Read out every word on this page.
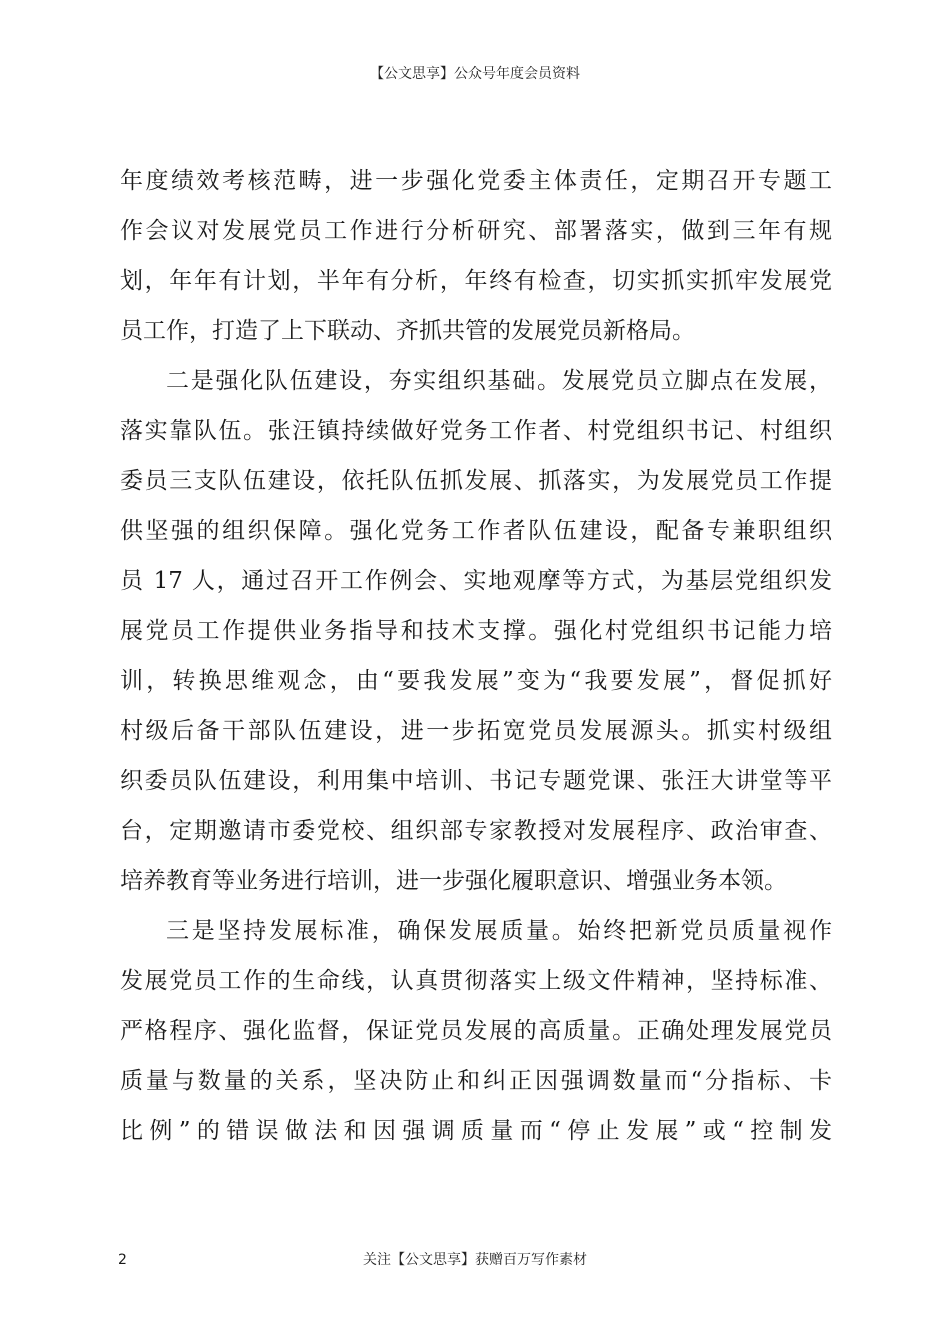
【公文思享】公众号年度会员资料
年度绩效考核范畴，进一步强化党委主体责任，定期召开专题工
作会议对发展党员工作进行分析研究、部署落实，做到三年有规
划，年年有计划，半年有分析，年终有检查，切实抓实抓牢发展党
员工作，打造了上下联动、齐抓共管的发展党员新格局。
二是强化队伍建设，夯实组织基础。发展党员立脚点在发展，
落实靠队伍。张汪镇持续做好党务工作者、村党组织书记、村组织
委员三支队伍建设，依托队伍抓发展、抓落实，为发展党员工作提
供坚强的组织保障。强化党务工作者队伍建设，配备专兼职组织
员 17 人，通过召开工作例会、实地观摩等方式，为基层党组织发
展党员工作提供业务指导和技术支撑。强化村党组织书记能力培
训，转换思维观念，由“要我发展”变为“我要发展”，督促抓好
村级后备干部队伍建设，进一步拓宽党员发展源头。抓实村级组
织委员队伍建设，利用集中培训、书记专题党课、张汪大讲堂等平
台，定期邀请市委党校、组织部专家教授对发展程序、政治审查、
培养教育等业务进行培训，进一步强化履职意识、增强业务本领。
三是坚持发展标准，确保发展质量。始终把新党员质量视作
发展党员工作的生命线，认真贯彻落实上级文件精神，坚持标准、
严格程序、强化监督，保证党员发展的高质量。正确处理发展党员
质量与数量的关系，坚决防止和纠正因强调数量而“分指标、卡
比例”的错误做法和因强调质量而“停止发展”或“控制发
2	关注【公文思享】获赠百万写作素材
